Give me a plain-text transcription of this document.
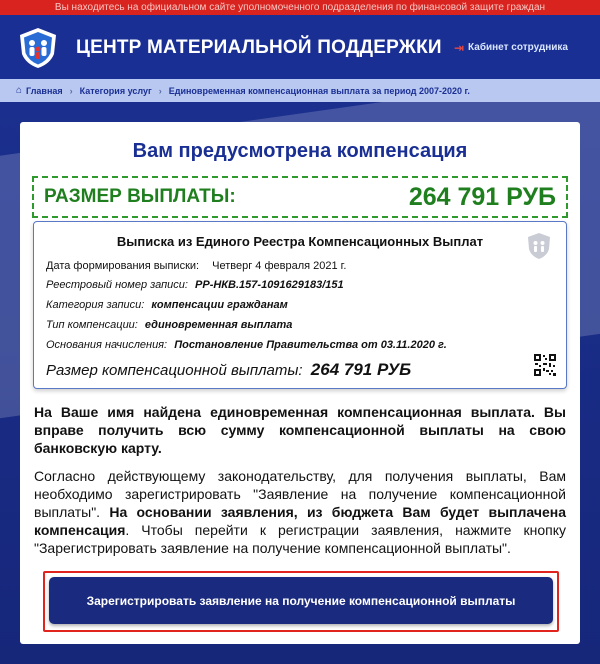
Вы находитесь на официальном сайте уполномоченного подразделения по финансовой защите граждан
ЦЕНТР МАТЕРИАЛЬНОЙ ПОДДЕРЖКИ ⇥ Кабинет сотрудника
⌂ Главная › Категория услуг › Единовременная компенсационная выплата за период 2007-2020 г.
Вам предусмотрена компенсация
РАЗМЕР ВЫПЛАТЫ:	264 791 РУБ
Выписка из Единого Реестра Компенсационных Выплат
Дата формирования выписки: Четверг 4 февраля 2021 г.
Реестровый номер записи: РР-НКВ.157-1091629183/151
Категория записи: компенсации гражданам
Тип компенсации: единовременная выплата
Основания начисления: Постановление Правительства от 03.11.2020 г.
Размер компенсационной выплаты: 264 791 РУБ
На Ваше имя найдена единовременная компенсационная выплата. Вы вправе получить всю сумму компенсационной выплаты на свою банковскую карту.
Согласно действующему законодательству, для получения выплаты, Вам необходимо зарегистрировать "Заявление на получение компенсационной выплаты". На основании заявления, из бюджета Вам будет выплачена компенсация. Чтобы перейти к регистрации заявления, нажмите кнопку "Зарегистрировать заявление на получение компенсационной выплаты".
Зарегистрировать заявление на получение компенсационной выплаты
